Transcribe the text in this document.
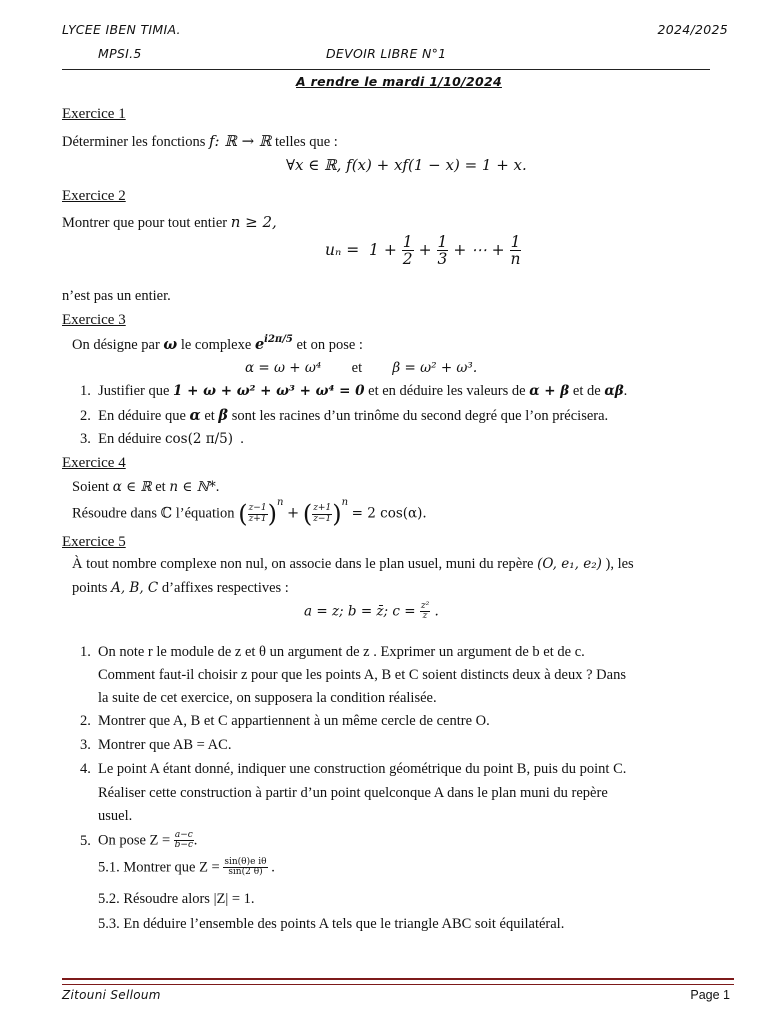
LYCEE IBEN TIMIA.	2024/2025
MPSI.5	DEVOIR LIBRE N°1
A rendre le mardi 1/10/2024
Exercice 1
Déterminer les fonctions f: ℝ → ℝ telles que :
∀x ∈ ℝ, f(x) + xf(1 − x) = 1 + x.
Exercice 2
Montrer que pour tout entier n ≥ 2,
$u_n = 1 + \frac{1}{2} + \frac{1}{3}$ + ⋯ + $\frac{1}{n}$
n’est pas un entier.
Exercice 3
On désigne par ω le complexe $e^{i2\pi/5}$ et on pose :
α = ω + ω⁴ et β = ω² + ω³.
1. Justifier que 1 + ω + ω² + ω³ + ω⁴ = 0 et en déduire les valeurs de α + β et de αβ.
2. En déduire que α et β sont les racines d’un trinôme du second degré que l’on précisera.
3. En déduire cos(2 π/5) .
Exercice 4
Soient α ∈ ℝ et n ∈ ℕ*.
Résoudre dans ℂ l’équation ( $\frac{z-1}{z+1} )^n$ + ( $\frac{z+1}{z-1} )^n = 2$ cos(α).
Exercice 5
À tout nombre complexe non nul, on associe dans le plan usuel, muni du repère (O, e₁, e₂) ), les
points A, B, C d’affixes respectives :
a = z; b = z̄; $c = \frac{\text{z²}}{z̄}$ .
1. On note r le module de z et θ un argument de z . Exprimer un argument de b et de c.
Comment faut-il choisir z pour que les points A, B et C soient distincts deux à deux ? Dans
la suite de cet exercice, on supposera la condition réalisée.
2. Montrer que A, B et C appartiennent à un même cercle de centre O.
3. Montrer que AB = AC.
4. Le point A étant donné, indiquer une construction géométrique du point B, puis du point C.
Réaliser cette construction à partir d’un point quelconque A dans le plan muni du repère
usuel.
5. On pose $Z = \frac{a-c}{b-c}$ .
5.1. Montrer que $Z = \frac{\text{sin(θ)e iθ}}{\sin(2 \theta)}$ .
5.2. Résoudre alors |Z| = 1.
5.3. En déduire l’ensemble des points A tels que le triangle ABC soit équilatéral.
Zitouni Selloum	Page 1
